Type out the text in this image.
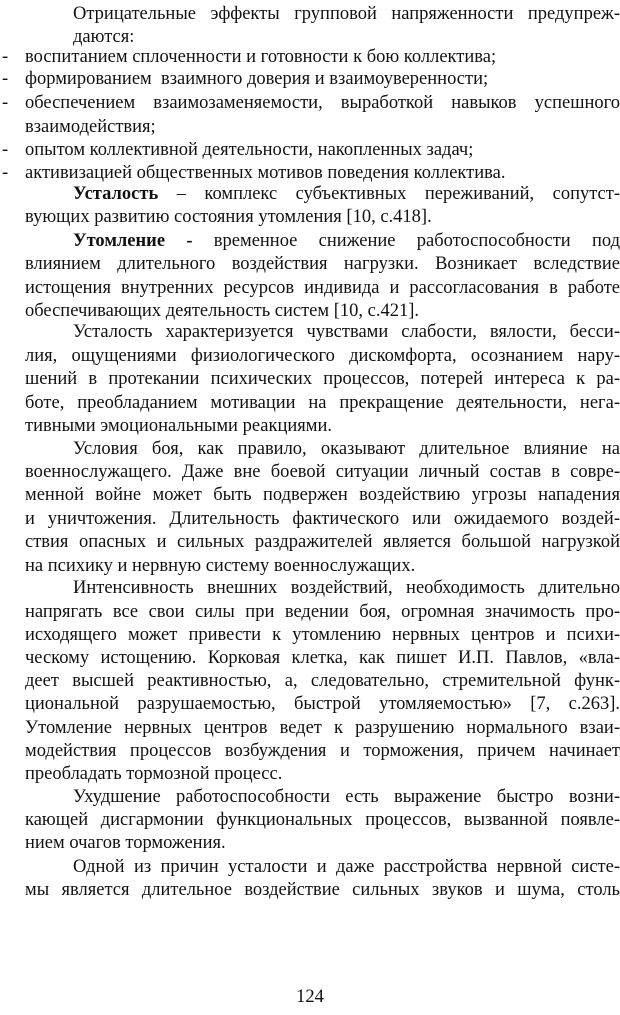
Отрицательные эффекты групповой напряженности предупреж-
даются:
- воспитанием сплоченности и готовности к бою коллектива;
- формированием  взаимного доверия и взаимоуверенности;
- обеспечением взаимозаменяемости, выработкой навыков успешного
взаимодействия;
- опытом коллективной деятельности, накопленных задач;
- активизацией общественных мотивов поведения коллектива.
Усталость – комплекс субъективных переживаний, сопутст-
вующих развитию состояния утомления [10, с.418].
Утомление - временное снижение работоспособности под
влиянием длительного воздействия нагрузки. Возникает вследствие
истощения внутренних ресурсов индивида и рассогласования в работе
обеспечивающих деятельность систем [10, с.421].
Усталость характеризуется чувствами слабости, вялости, бесси-
лия, ощущениями физиологического дискомфорта, осознанием нару-
шений в протекании психических процессов, потерей интереса к ра-
боте, преобладанием мотивации на прекращение деятельности, нега-
тивными эмоциональными реакциями.
Условия боя, как правило, оказывают длительное влияние на
военнослужащего. Даже вне боевой ситуации личный состав в совре-
менной войне может быть подвержен воздействию угрозы нападения
и уничтожения. Длительность фактического или ожидаемого воздей-
ствия опасных и сильных раздражителей является большой нагрузкой
на психику и нервную систему военнослужащих.
Интенсивность внешних воздействий, необходимость длительно
напрягать все свои силы при ведении боя, огромная значимость про-
исходящего может привести к утомлению нервных центров и психи-
ческому истощению. Корковая клетка, как пишет И.П. Павлов, «вла-
деет высшей реактивностью, а, следовательно, стремительной функ-
циональной разрушаемостью, быстрой утомляемостью» [7, с.263].
Утомление нервных центров ведет к разрушению нормального взаи-
модействия процессов возбуждения и торможения, причем начинает
преобладать тормозной процесс.
Ухудшение работоспособности есть выражение быстро возни-
кающей дисгармонии функциональных процессов, вызванной появле-
нием очагов торможения.
Одной из причин усталости и даже расстройства нервной систе-
мы является длительное воздействие сильных звуков и шума, столь
124
